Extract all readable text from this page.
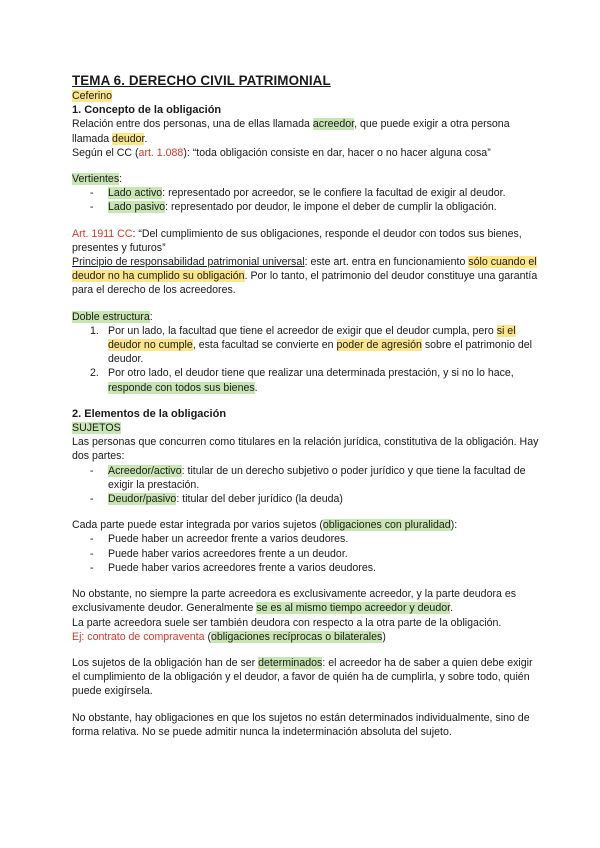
TEMA 6. DERECHO CIVIL PATRIMONIAL

Ceferino

1. Concepto de la obligación

Relación entre dos personas, una de ellas llamada acreedor, que puede exigir a otra persona llamada deudor.

Según el CC (art. 1.088): “toda obligación consiste en dar, hacer o no hacer alguna cosa”

Vertientes:

- Lado activo: representado por acreedor, se le confiere la facultad de exigir al deudor.
- Lado pasivo: representado por deudor, le impone el deber de cumplir la obligación.

Art. 1911 CC: “Del cumplimiento de sus obligaciones, responde el deudor con todos sus bienes, presentes y futuros”

Principio de responsabilidad patrimonial universal: este art. entra en funcionamiento sólo cuando el deudor no ha cumplido su obligación. Por lo tanto, el patrimonio del deudor constituye una garantía para el derecho de los acreedores.

Doble estructura:

1. Por un lado, la facultad que tiene el acreedor de exigir que el deudor cumpla, pero si el deudor no cumple, esta facultad se convierte en poder de agresión sobre el patrimonio del deudor.
2. Por otro lado, el deudor tiene que realizar una determinada prestación, y si no lo hace, responde con todos sus bienes.

2. Elementos de la obligación

SUJETOS

Las personas que concurren como titulares en la relación jurídica, constitutiva de la obligación. Hay dos partes:

- Acreedor/activo: titular de un derecho subjetivo o poder jurídico y que tiene la facultad de exigir la prestación.
- Deudor/pasivo: titular del deber jurídico (la deuda)

Cada parte puede estar integrada por varios sujetos (obligaciones con pluralidad):

- Puede haber un acreedor frente a varios deudores.
- Puede haber varios acreedores frente a un deudor.
- Puede haber varios acreedores frente a varios deudores.

No obstante, no siempre la parte acreedora es exclusivamente acreedor, y la parte deudora es exclusivamente deudor. Generalmente se es al mismo tiempo acreedor y deudor.

La parte acreedora suele ser también deudora con respecto a la otra parte de la obligación.

Ej: contrato de compraventa (obligaciones recíprocas o bilaterales)

Los sujetos de la obligación han de ser determinados: el acreedor ha de saber a quien debe exigir el cumplimiento de la obligación y el deudor, a favor de quién ha de cumplirla, y sobre todo, quién puede exigírsela.

No obstante, hay obligaciones en que los sujetos no están determinados individualmente, sino de forma relativa. No se puede admitir nunca la indeterminación absoluta del sujeto.
